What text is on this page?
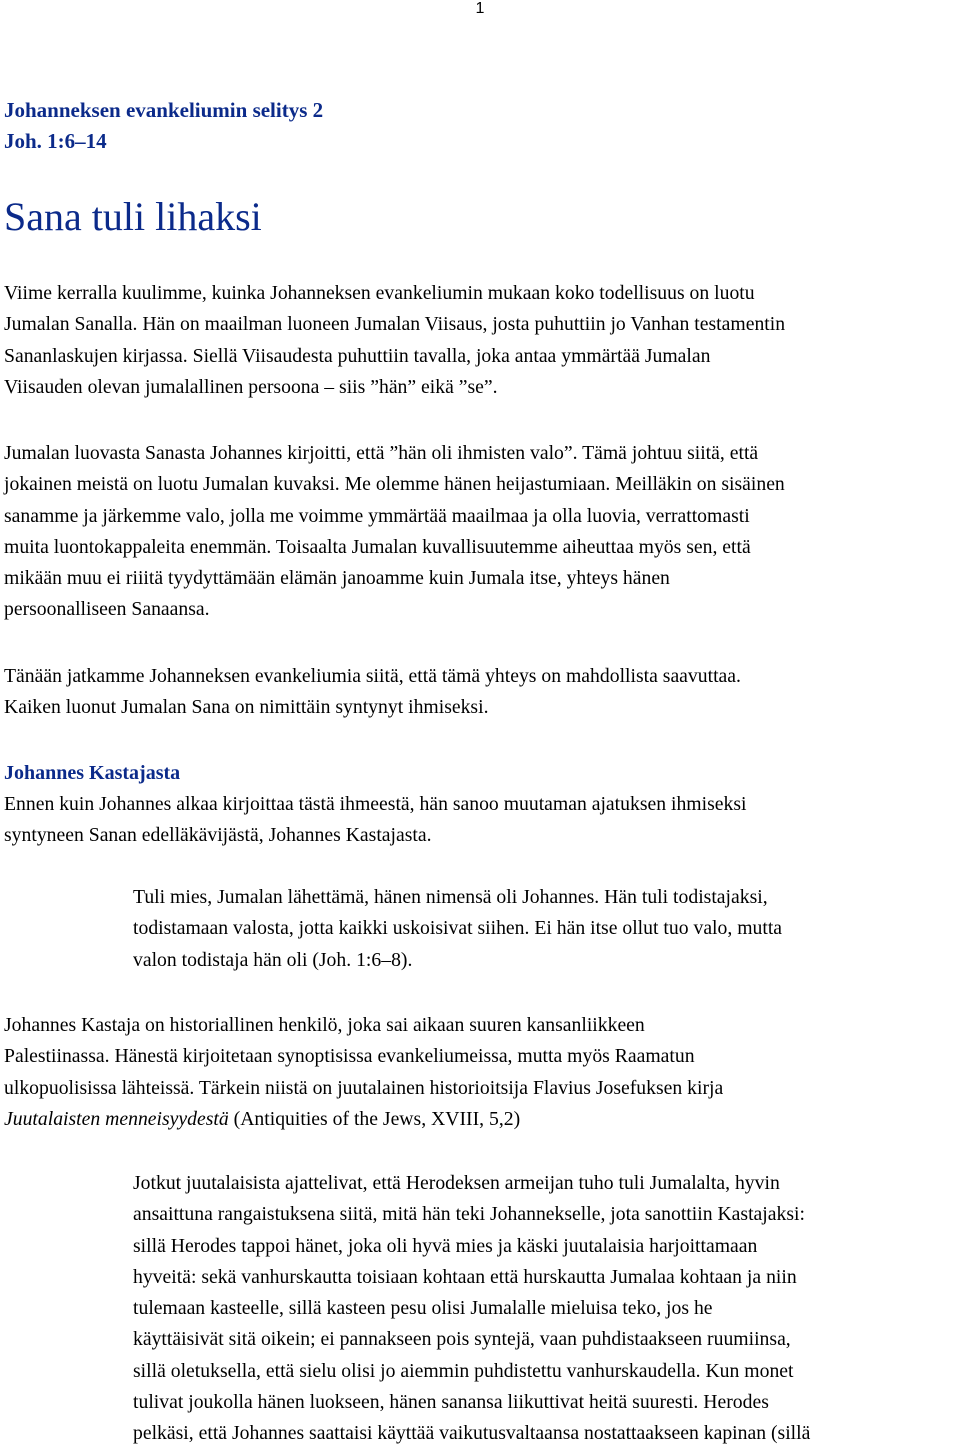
1
Johanneksen evankeliumin selitys 2
Joh. 1:6–14
Sana tuli lihaksi

Viime kerralla kuulimme, kuinka Johanneksen evankeliumin mukaan koko todellisuus on luotu
Jumalan Sanalla. Hän on maailman luoneen Jumalan Viisaus, josta puhuttiin jo Vanhan testamentin
Sananlaskujen kirjassa. Siellä Viisaudesta puhuttiin tavalla, joka antaa ymmärtää Jumalan
Viisauden olevan jumalallinen persoona – siis ”hän” eikä ”se”.

Jumalan luovasta Sanasta Johannes kirjoitti, että ”hän oli ihmisten valo”. Tämä johtuu siitä, että
jokainen meistä on luotu Jumalan kuvaksi. Me olemme hänen heijastumiaan. Meilläkin on sisäinen
sanamme ja järkemme valo, jolla me voimme ymmärtää maailmaa ja olla luovia, verrattomasti
muita luontokappaleita enemmän. Toisaalta Jumalan kuvallisuutemme aiheuttaa myös sen, että
mikään muu ei riiitä tyydyttämään elämän janoamme kuin Jumala itse, yhteys hänen
persoonalliseen Sanaansa.

Tänään jatkamme Johanneksen evankeliumia siitä, että tämä yhteys on mahdollista saavuttaa.
Kaiken luonut Jumalan Sana on nimittäin syntynyt ihmiseksi.

Johannes Kastajasta

Ennen kuin Johannes alkaa kirjoittaa tästä ihmeestä, hän sanoo muutaman ajatuksen ihmiseksi
syntyneen Sanan edelläkävijästä, Johannes Kastajasta.

Tuli mies, Jumalan lähettämä, hänen nimensä oli Johannes. Hän tuli todistajaksi,
todistamaan valosta, jotta kaikki uskoisivat siihen. Ei hän itse ollut tuo valo, mutta
valon todistaja hän oli (Joh. 1:6–8).

Johannes Kastaja on historiallinen henkilö, joka sai aikaan suuren kansanliikkeen
Palestiinassa. Hänestä kirjoitetaan synoptisissa evankeliumeissa, mutta myös Raamatun
ulkopuolisissa lähteissä. Tärkein niistä on juutalainen historioitsija Flavius Josefuksen kirja
Juutalaisten menneisyydestä (Antiquities of the Jews, XVIII, 5,2)

Jotkut juutalaisista ajattelivat, että Herodeksen armeijan tuho tuli Jumalalta, hyvin
ansaittuna rangaistuksena siitä, mitä hän teki Johannekselle, jota sanottiin Kastajaksi:
sillä Herodes tappoi hänet, joka oli hyvä mies ja käski juutalaisia harjoittamaan
hyveitä: sekä vanhurskautta toisiaan kohtaan että hurskautta Jumalaa kohtaan ja niin
tulemaan kasteelle, sillä kasteen pesu olisi Jumalalle mieluisa teko, jos he
käyttäisivät sitä oikein; ei pannakseen pois syntejä, vaan puhdistaakseen ruumiinsa,
sillä oletuksella, että sielu olisi jo aiemmin puhdistettu vanhurskaudella. Kun monet
tulivat joukolla hänen luokseen, hänen sanansa liikuttivat heitä suuresti. Herodes
pelkäsi, että Johannes saattaisi käyttää vaikutusvaltaansa nostattaakseen kapinan (sillä
